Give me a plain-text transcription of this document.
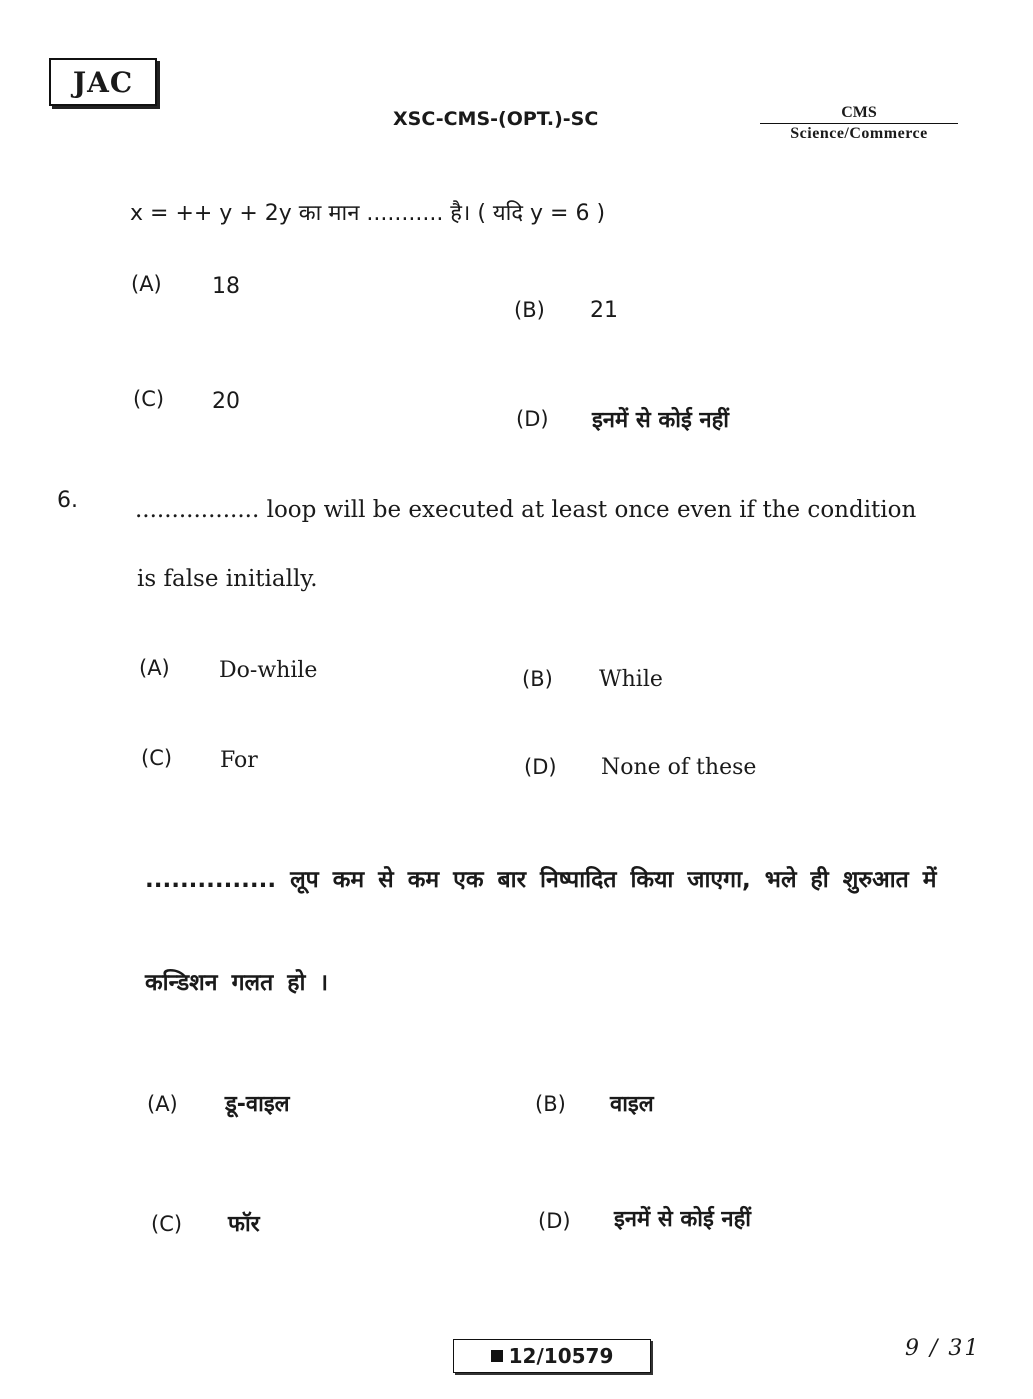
JAC
XSC-CMS-(OPT.)-SC	CMS
Science/Commerce
x = ++ y + 2y का मान ........... है। ( यदि y = 6 )
(A) 18
(B) 21
(C) 20
(D) इनमें से कोई नहीं
6. ................. loop will be executed at least once even if the condition
is false initially.
(A) Do-while	(B) While
(C) For	(D) None of these
............... लूप कम से कम एक बार निष्पादित किया जाएगा, भले ही शुरुआत में
कन्डिशन गलत हो ।
(A) डू-वाइल	(B) वाइल
(C) फॉर	(D) इनमें से कोई नहीं
12/10579	9 / 31
